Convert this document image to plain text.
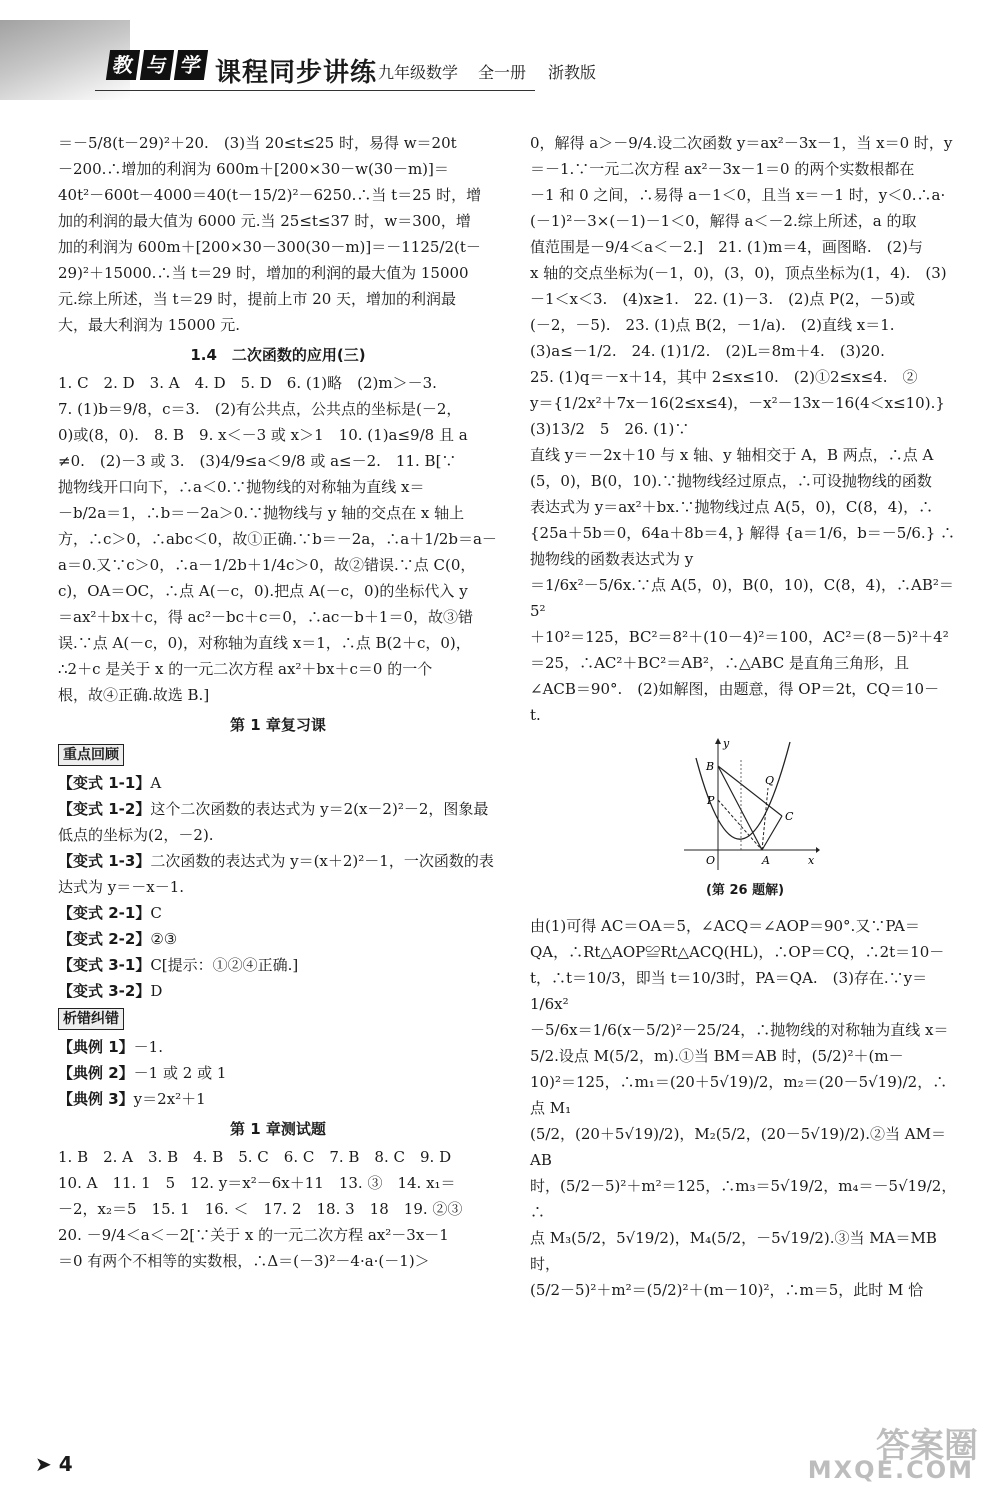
教 与 学 课程同步讲练 九年级数学 全一册 浙教版

＝－5/8(t－29)²＋20.　(3)当 20≤t≤25 时，易得 w＝20t

－200.∴增加的利润为 600m＋[200×30－w(30－m)]＝

40t²－600t－4000＝40(t－15/2)²－6250.∴当 t＝25 时，增

加的利润的最大值为 6000 元.当 25≤t≤37 时，w＝300，增

加的利润为 600m＋[200×30－300(30－m)]＝－1125/2(t－

29)²＋15000.∴当 t＝29 时，增加的利润的最大值为 15000

元.综上所述，当 t＝29 时，提前上市 20 天，增加的利润最

大，最大利润为 15000 元.

1.4　二次函数的应用(三)

1. C　2. D　3. A　4. D　5. D　6. (1)略　(2)m＞－3.

7. (1)b＝9/8，c＝3.　(2)有公共点，公共点的坐标是(－2，

0)或(8，0).　8. B　9. x＜－3 或 x＞1　10. (1)a≤9/8 且 a

≠0.　(2)－3 或 3.　(3)4/9≤a＜9/8 或 a≤－2.　11. B[∵

抛物线开口向下，∴a＜0.∵抛物线的对称轴为直线 x＝

－b/2a＝1，∴b＝－2a＞0.∵抛物线与 y 轴的交点在 x 轴上

方，∴c＞0，∴abc＜0，故①正确.∵b＝－2a，∴a＋1/2b＝a－

a＝0.又∵c＞0，∴a－1/2b＋1/4c＞0，故②错误.∵点 C(0，

c)，OA＝OC，∴点 A(－c，0).把点 A(－c，0)的坐标代入 y

＝ax²＋bx＋c，得 ac²－bc＋c＝0，∴ac－b＋1＝0，故③错

误.∵点 A(－c，0)，对称轴为直线 x＝1，∴点 B(2＋c，0)，

∴2＋c 是关于 x 的一元二次方程 ax²＋bx＋c＝0 的一个

根，故④正确.故选 B.]

第 1 章复习课
重点回顾

【变式 1-1】A

【变式 1-2】这个二次函数的表达式为 y＝2(x－2)²－2，图象最低点的坐标为(2，－2).

【变式 1-3】二次函数的表达式为 y＝(x＋2)²－1，一次函数的表达式为 y＝－x－1.

【变式 2-1】C

【变式 2-2】②③

【变式 3-1】C[提示：①②④正确.]

【变式 3-2】D

析错纠错

【典例 1】－1.

【典例 2】－1 或 2 或 1

【典例 3】y＝2x²＋1

第 1 章测试题

1. B　2. A　3. B　4. B　5. C　6. C　7. B　8. C　9. D

10. A　11. 1　5　12. y＝x²－6x＋11　13. ③　14. x₁＝

－2，x₂＝5　15. 1　16. ＜　17. 2　18. 3　18　19. ②③

20. －9/4＜a＜－2[∵关于 x 的一元二次方程 ax²－3x－1

＝0 有两个不相等的实数根，∴Δ＝(－3)²－4·a·(－1)＞

0，解得 a＞－9/4.设二次函数 y＝ax²－3x－1，当 x＝0 时，y

＝－1.∵一元二次方程 ax²－3x－1＝0 的两个实数根都在

－1 和 0 之间，∴易得 a－1＜0，且当 x＝－1 时，y＜0.∴a·

(－1)²－3×(－1)－1＜0，解得 a＜－2.综上所述，a 的取

值范围是－9/4＜a＜－2.]　21. (1)m＝4，画图略.　(2)与

x 轴的交点坐标为(－1，0)，(3，0)，顶点坐标为(1，4).　(3)

－1＜x＜3.　(4)x≥1.　22. (1)－3.　(2)点 P(2，－5)或

(－2，－5).　23. (1)点 B(2，－1/a).　(2)直线 x＝1.

(3)a≤－1/2.　24. (1)1/2.　(2)L＝8m＋4.　(3)20.

25. (1)q＝－x＋14，其中 2≤x≤10.　(2)①2≤x≤4.　②

y＝{1/2x²＋7x－16(2≤x≤4)，－x²－13x－16(4＜x≤10).}　(3)13/2　5　26. (1)∵

直线 y＝－2x＋10 与 x 轴、y 轴相交于 A，B 两点，∴点 A

(5，0)，B(0，10).∵抛物线经过原点，∴可设抛物线的函数

表达式为 y＝ax²＋bx.∵抛物线过点 A(5，0)，C(8，4)，∴

{25a＋5b＝0，64a＋8b＝4，} 解得 {a＝1/6，b＝－5/6.} ∴抛物线的函数表达式为 y

＝1/6x²－5/6x.∵点 A(5，0)，B(0，10)，C(8，4)，∴AB²＝5²

＋10²＝125，BC²＝8²＋(10－4)²＝100，AC²＝(8－5)²＋4²

＝25，∴AC²＋BC²＝AB²，∴△ABC 是直角三角形，且

∠ACB＝90°.　(2)如解图，由题意，得 OP＝2t，CQ＝10－

t.

y
x
O	A
B
C
P
Q
(第 26 题解)

由(1)可得 AC＝OA＝5，∠ACQ＝∠AOP＝90°.又∵PA＝

QA，∴Rt△AOP≌Rt△ACQ(HL)，∴OP＝CQ，∴2t＝10－

t，∴t＝10/3，即当 t＝10/3时，PA＝QA.　(3)存在.∵y＝1/6x²

－5/6x＝1/6(x－5/2)²－25/24，∴抛物线的对称轴为直线 x＝

5/2.设点 M(5/2，m).①当 BM＝AB 时，(5/2)²＋(m－

10)²＝125，∴m₁＝(20＋5√19)/2，m₂＝(20－5√19)/2，∴点 M₁

(5/2，(20＋5√19)/2)，M₂(5/2，(20－5√19)/2).②当 AM＝AB

时，(5/2－5)²＋m²＝125，∴m₃＝5√19/2，m₄＝－5√19/2，∴

点 M₃(5/2，5√19/2)，M₄(5/2，－5√19/2).③当 MA＝MB 时，

(5/2－5)²＋m²＝(5/2)²＋(m－10)²，∴m＝5，此时 M 恰

➤ 4	答案圈
MXQE.COM
